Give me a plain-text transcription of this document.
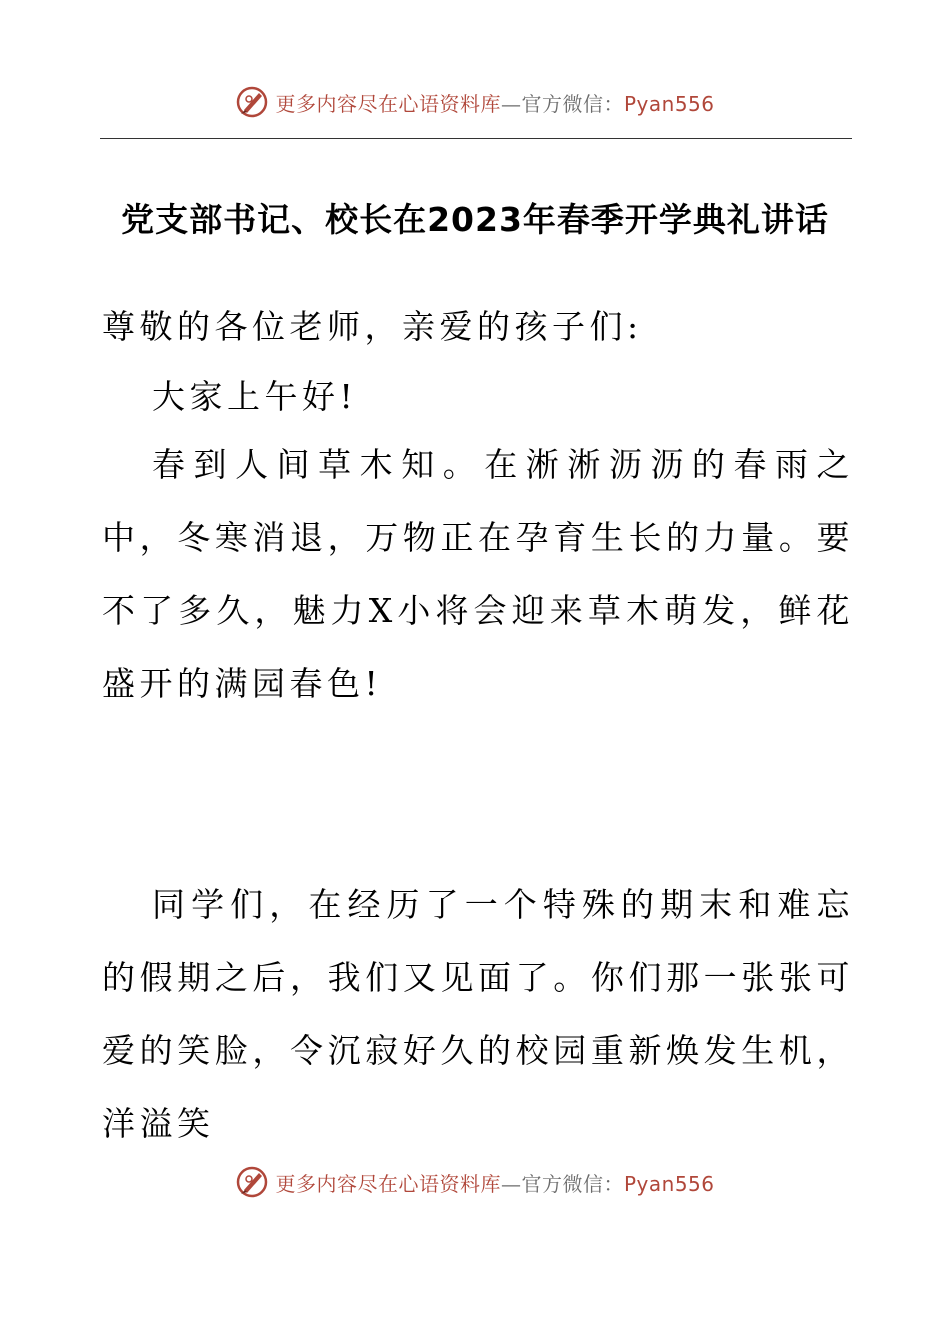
更多内容尽在心语资料库—官方微信：Pyan556
党支部书记、校长在2023年春季开学典礼讲话
尊敬的各位老师，亲爱的孩子们:
大家上午好!
春到人间草木知。在淅淅沥沥的春雨之中，冬寒消退，万物正在孕育生长的力量。要不了多久，魅力X小将会迎来草木萌发，鲜花盛开的满园春色!
同学们，在经历了一个特殊的期末和难忘的假期之后，我们又见面了。你们那一张张可爱的笑脸，令沉寂好久的校园重新焕发生机，洋溢笑
更多内容尽在心语资料库—官方微信：Pyan556
